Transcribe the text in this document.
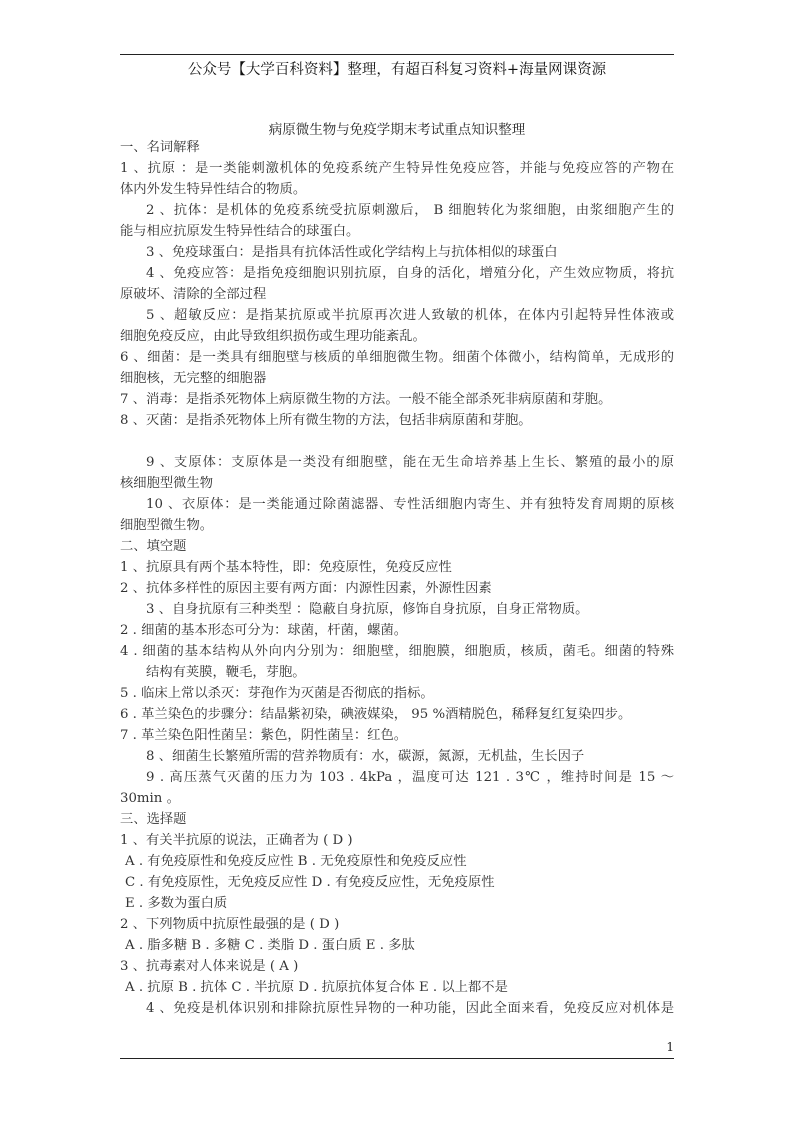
公众号【大学百科资料】整理，有超百科复习资料+海量网课资源
病原微生物与免疫学期末考试重点知识整理
一、名词解释
1 、抗原 ：是一类能刺激机体的免疫系统产生特异性免疫应答，并能与免疫应答的产物在
体内外发生特异性结合的物质。
2 、抗体：是机体的免疫系统受抗原刺激后， B 细胞转化为浆细胞，由浆细胞产生的
能与相应抗原发生特异性结合的球蛋白。
3 、免疫球蛋白：是指具有抗体活性或化学结构上与抗体相似的球蛋白
4 、免疫应答：是指免疫细胞识别抗原，自身的活化，增殖分化，产生效应物质，将抗
原破坏、清除的全部过程
5 、超敏反应：是指某抗原或半抗原再次进人致敏的机体，在体内引起特异性体液或
细胞免疫反应，由此导致组织损伤或生理功能紊乱。
6 、细菌：是一类具有细胞壁与核质的单细胞微生物。细菌个体微小，结构简单，无成形的
细胞核，无完整的细胞器
7 、消毒：是指杀死物体上病原微生物的方法。一般不能全部杀死非病原菌和芽胞。
8 、灭菌：是指杀死物体上所有微生物的方法，包括非病原菌和芽胞。
9 、支原体：支原体是一类没有细胞壁，能在无生命培养基上生长、繁殖的最小的原
核细胞型微生物
10 、衣原体：是一类能通过除菌滤器、专性活细胞内寄生、并有独特发育周期的原核
细胞型微生物。
二、填空题
1 、抗原具有两个基本特性，即：免疫原性，免疫反应性
2 、抗体多样性的原因主要有两方面：内源性因素，外源性因素
3 、自身抗原有三种类型 ：隐蔽自身抗原，修饰自身抗原，自身正常物质。
2 . 细菌的基本形态可分为：球菌，杆菌，螺菌。
4 . 细菌的基本结构从外向内分别为：细胞壁，细胞膜，细胞质，核质，菌毛。细菌的特殊
结构有荚膜，鞭毛，芽胞。
5 . 临床上常以杀灭：芽孢作为灭菌是否彻底的指标。
6 . 革兰染色的步骤分：结晶紫初染，碘液媒染， 95 %酒精脱色，稀释复红复染四步。
7 . 革兰染色阳性菌呈：紫色，阴性菌呈：红色。
8 、细菌生长繁殖所需的营养物质有：水，碳源，氮源，无机盐，生长因子
9 . 高压蒸气灭菌的压力为 103 . 4kPa ，温度可达 121 . 3℃ ，维持时间是 15 ～
30min 。
三、选择题
1 、有关半抗原的说法，正确者为 ( D )
A . 有免疫原性和免疫反应性 B . 无免疫原性和免疫反应性
C . 有免疫原性，无免疫反应性 D . 有免疫反应性，无免疫原性
E . 多数为蛋白质
2 、下列物质中抗原性最强的是 ( D )
A . 脂多糖 B . 多糖 C . 类脂 D . 蛋白质 E . 多肽
3 、抗毒素对人体来说是 ( A )
A . 抗原 B . 抗体 C . 半抗原 D . 抗原抗体复合体 E . 以上都不是
4 、免疫是机体识别和排除抗原性异物的一种功能，因此全面来看，免疫反应对机体是
1
